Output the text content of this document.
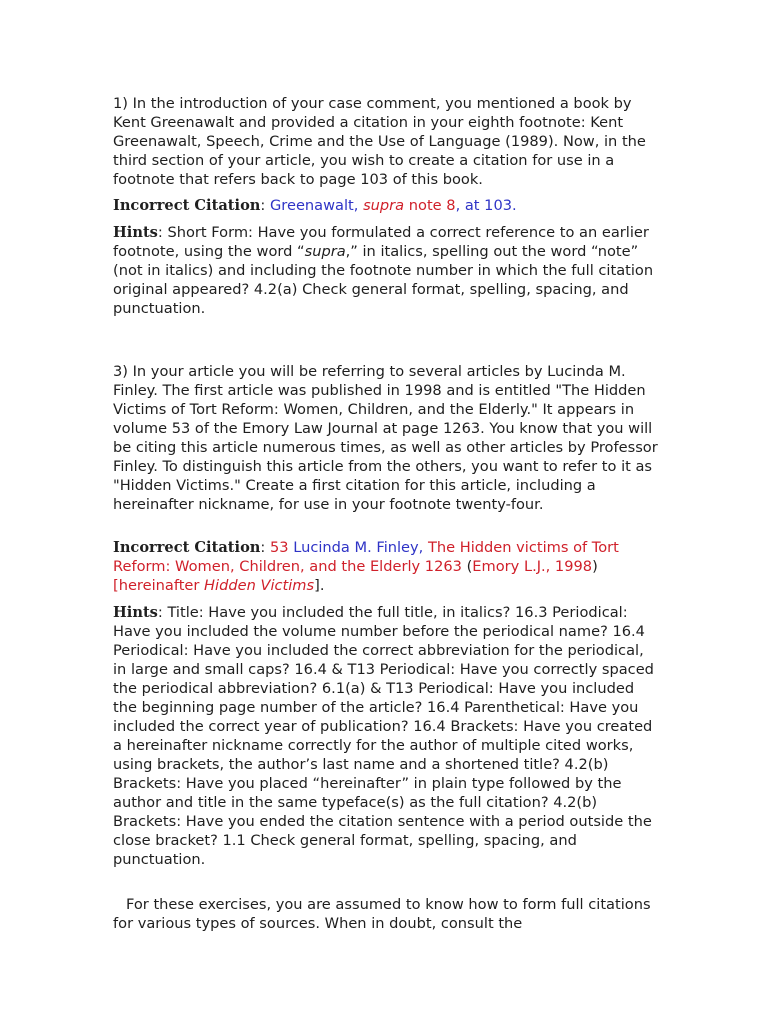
1) In the introduction of your case comment, you mentioned a book by Kent Greenawalt and provided a citation in your eighth footnote: Kent Greenawalt, Speech, Crime and the Use of Language (1989). Now, in the third section of your article, you wish to create a citation for use in a footnote that refers back to page 103 of this book.

Incorrect Citation: Greenawalt, supra note 8, at 103.

Hints: Short Form: Have you formulated a correct reference to an earlier footnote, using the word “supra,” in italics, spelling out the word “note” (not in italics) and including the footnote number in which the full citation original appeared? 4.2(a) Check general format, spelling, spacing, and punctuation.

3) In your article you will be referring to several articles by Lucinda M. Finley. The first article was published in 1998 and is entitled "The Hidden Victims of Tort Reform: Women, Children, and the Elderly." It appears in volume 53 of the Emory Law Journal at page 1263. You know that you will be citing this article numerous times, as well as other articles by Professor Finley. To distinguish this article from the others, you want to refer to it as "Hidden Victims." Create a first citation for this article, including a hereinafter nickname, for use in your footnote twenty-four.

Incorrect Citation: 53 Lucinda M. Finley, The Hidden victims of Tort Reform: Women, Children, and the Elderly 1263 (Emory L.J., 1998) [hereinafter Hidden Victims].

Hints: Title: Have you included the full title, in italics? 16.3 Periodical: Have you included the volume number before the periodical name? 16.4 Periodical: Have you included the correct abbreviation for the periodical, in large and small caps? 16.4 & T13 Periodical: Have you correctly spaced the periodical abbreviation? 6.1(a) & T13 Periodical: Have you included the beginning page number of the article? 16.4 Parenthetical: Have you included the correct year of publication? 16.4 Brackets: Have you created a hereinafter nickname correctly for the author of multiple cited works, using brackets, the author’s last name and a shortened title? 4.2(b) Brackets: Have you placed “hereinafter” in plain type followed by the author and title in the same typeface(s) as the full citation? 4.2(b) Brackets: Have you ended the citation sentence with a period outside the close bracket? 1.1 Check general format, spelling, spacing, and punctuation.

For these exercises, you are assumed to know how to form full citations for various types of sources. When in doubt, consult the
